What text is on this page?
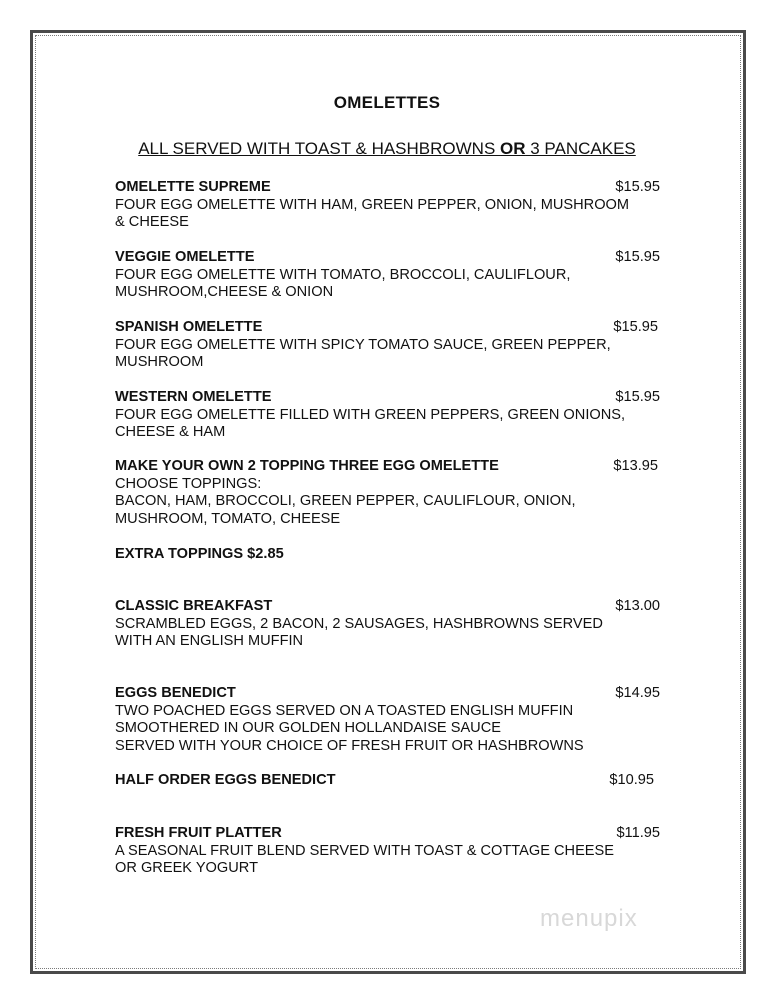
OMELETTES
ALL SERVED WITH TOAST & HASHBROWNS OR 3 PANCAKES
OMELETTE SUPREME	$15.95
FOUR EGG OMELETTE WITH HAM, GREEN PEPPER, ONION, MUSHROOM
& CHEESE
VEGGIE OMELETTE	$15.95
FOUR EGG OMELETTE WITH TOMATO, BROCCOLI, CAULIFLOUR,
MUSHROOM,CHEESE & ONION
SPANISH OMELETTE	$15.95
FOUR EGG OMELETTE WITH SPICY TOMATO SAUCE, GREEN PEPPER,
MUSHROOM
WESTERN OMELETTE	$15.95
FOUR EGG OMELETTE FILLED WITH GREEN PEPPERS, GREEN ONIONS,
CHEESE & HAM
MAKE YOUR OWN 2 TOPPING THREE EGG OMELETTE	$13.95
CHOOSE TOPPINGS:
BACON, HAM, BROCCOLI, GREEN PEPPER, CAULIFLOUR, ONION,
MUSHROOM, TOMATO, CHEESE
EXTRA TOPPINGS $2.85
CLASSIC BREAKFAST	$13.00
SCRAMBLED EGGS, 2 BACON, 2 SAUSAGES, HASHBROWNS SERVED
WITH AN ENGLISH MUFFIN
EGGS BENEDICT	$14.95
TWO POACHED EGGS SERVED ON A TOASTED ENGLISH MUFFIN
SMOOTHERED IN OUR GOLDEN HOLLANDAISE SAUCE
SERVED WITH YOUR CHOICE OF FRESH FRUIT OR HASHBROWNS
HALF ORDER EGGS BENEDICT	$10.95
FRESH FRUIT PLATTER	$11.95
A SEASONAL FRUIT BLEND SERVED WITH TOAST & COTTAGE CHEESE
OR GREEK YOGURT
menupix
